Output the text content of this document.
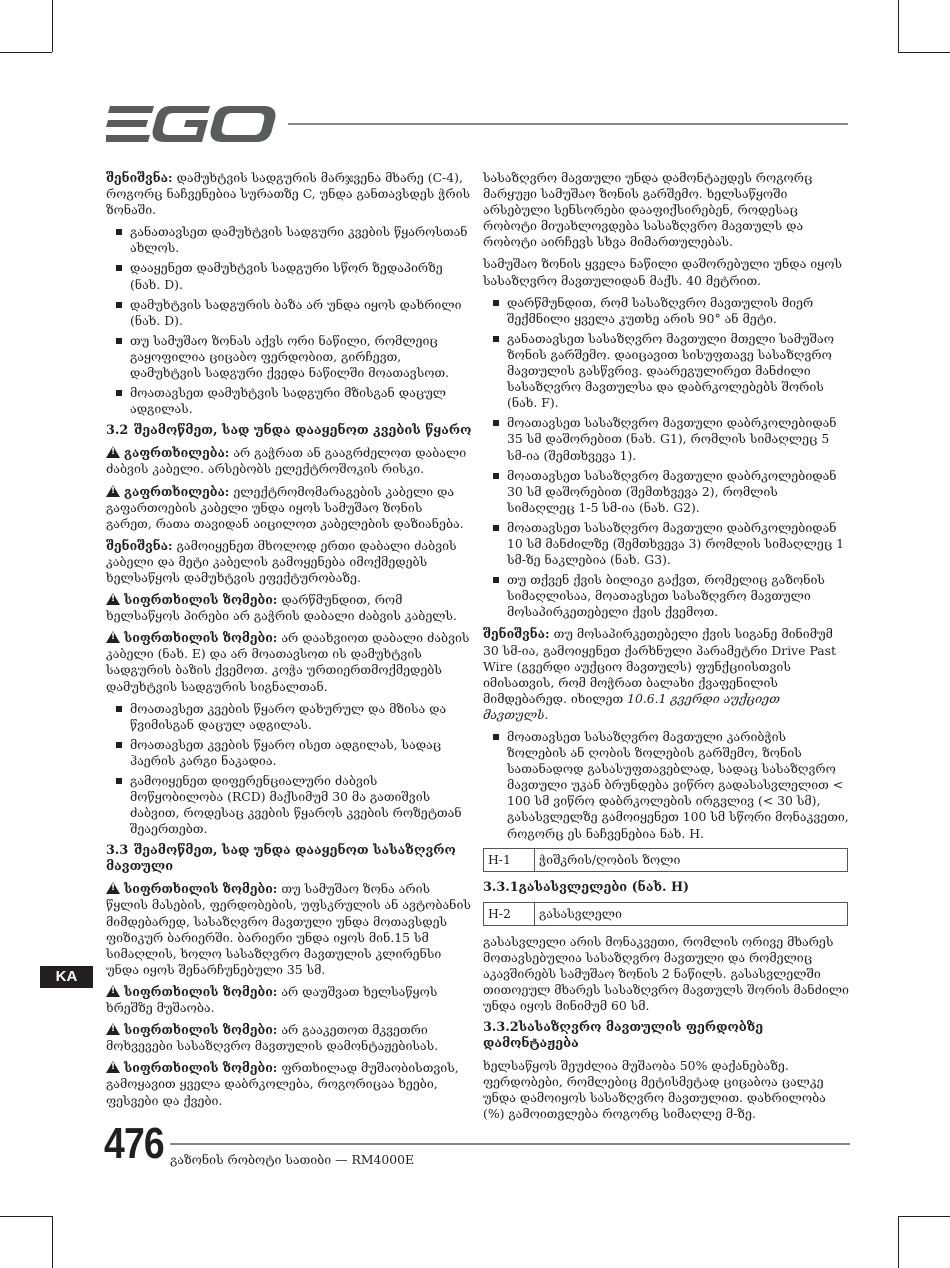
შენიშვნა: დამუხტვის სადგურის მარჯვენა მხარე (C-4), როგორც ნაჩვენებია სურათზე C, უნდა განთავსდეს ჭრის ზონაში.

განათავსეთ დამუხტვის სადგური კვების წყაროსთან ახლოს.
დააყენეთ დამუხტვის სადგური სწორ ზედაპირზე (ნახ. D).
დამუხტვის სადგურის ბაზა არ უნდა იყოს დახრილი (ნახ. D).
თუ სამუშაო ზონას აქვს ორი ნაწილი, რომლეიც გაყოფილია ციცაბო ფერდობით, გირჩევთ, დამუხტვის სადგური ქვედა ნაწილში მოათავსოთ.
მოათავსეთ დამუხტვის სადგური მზისგან დაცულ ადგილას.
3.2 შეამოწმეთ, სად უნდა დააყენოთ კვების წყარო

!გაფრთხილება: არ გაჭრათ ან გააგრძელოთ დაბალი ძაბვის კაბელი. არსებობს ელექტროშოკის რისკი.

!გაფრთხილება: ელექტრომომარაგების კაბელი და გაფართოების კაბელი უნდა იყოს სამუშაო ზონის გარეთ, რათა თავიდან აიცილოთ კაბელების დაზიანება.

შენიშვნა: გამოიყენეთ მხოლოდ ერთი დაბალი ძაბვის კაბელი და მეტი კაბელის გამოყენება იმოქმედებს ხელსაწყოს დამუხტვის ეფექტურობაზე.

!სიფრთხილის ზომები: დარწმუნდით, რომ ხელსაწყოს პირები არ გაჭრის დაბალი ძაბვის კაბელს.

!სიფრთხილის ზომები: არ დაახვიოთ დაბალი ძაბვის კაბელი (ნახ. E) და არ მოათავსოთ ის დამუხტვის სადგურის ბაზის ქვემოთ. კოჭა ურთიერთმოქმედებს დამუხტვის სადგურის სიგნალთან.

მოათავსეთ კვების წყარო დახურულ და მზისა და წვიმისგან დაცულ ადგილას.
მოათავსეთ კვების წყარო ისეთ ადგილას, სადაც ჰაერის კარგი ნაკადია.
გამოიყენეთ დიფერენციალური ძაბვის მოწყობილობა (RCD) მაქსიმუმ 30 მა გათიშვის ძაბვით, როდესაც კვების წყაროს კვების როზეტთან შეაერთებთ.
3.3 შეამოწმეთ, სად უნდა დააყენოთ სასაზღვრო მავთული

!სიფრთხილის ზომები: თუ სამუშაო ზონა არის წყლის მასების, ფერდობების, უფსკრულის ან ავტობანის მიმდებარედ, სასაზღვრო მავთული უნდა მოთავსდეს ფიზიკურ ბარიერში. ბარიერი უნდა იყოს მინ.15 სმ სიმაღლის, ხოლო სასაზღვრო მავთულის კლირენსი უნდა იყოს შენარჩუნებული 35 სმ.

!სიფრთხილის ზომები: არ დაუშვათ ხელსაწყოს ხრეშზე მუშაობა.

!სიფრთხილის ზომები: არ გააკეთოთ მკვეთრი მოხვევები სასაზღვრო მავთულის დამონტაჟებისას.

!სიფრთხილის ზომები: ფრთხილად მუშაობისთვის, გამოყავით ყველა დაბრკოლება, როგორიცაა ხეები, ფესვები და ქვები.

სასაზღვრო მავთული უნდა დამონტაჟდეს როგორც მარყუჟი სამუშაო ზონის გარშემო. ხელსაწყოში არსებული სენსორები დააფიქსირებენ, როდესაც რობოტი მიუახლოვდება სასაზღვრო მავთულს და რობოტი აირჩევს სხვა მიმართულებას.

სამუშაო ზონის ყველა ნაწილი დაშორებული უნდა იყოს სასაზღვრო მავთულიდან მაქს. 40 მეტრით.

დარწმუნდით, რომ სასაზღვრო მავთულის მიერ შექმნილი ყველა კუთხე არის 90° ან მეტი.
განათავსეთ სასაზღვრო მავთული მთელი სამუშაო ზონის გარშემო. დაიცავით სისუფთავე სასაზღვრო მავთულის გასწვრივ. დაარეგულირეთ მანძილი სასაზღვრო მავთულსა და დაბრკოლებებს შორის (ნახ. F).
მოათავსეთ სასაზღვრო მავთული დაბრკოლებიდან 35 სმ დაშორებით (ნახ. G1), რომლის სიმაღლეც 5 სმ-ია (შემთხვევა 1).
მოათავსეთ სასაზღვრო მავთული დაბრკოლებიდან 30 სმ დაშორებით (შემთხვევა 2), რომლის სიმაღლეც 1-5 სმ-ია (ნახ. G2).
მოათავსეთ სასაზღვრო მავთული დაბრკოლებიდან 10 სმ მანძილზე (შემთხვევა 3) რომლის სიმაღლეც 1 სმ-ზე ნაკლებია (ნახ. G3).
თუ თქვენ ქვის ბილიკი გაქვთ, რომელიც გაზონის სიმაღლისაა, მოათავსეთ სასაზღვრო მავთული მოსაპირკეთებელი ქვის ქვემოთ.

შენიშვნა: თუ მოსაპირკეთებელი ქვის სიგანე მინიმუმ 30 სმ-ია, გამოიყენეთ ქარხნული პარამეტრი Drive Past Wire (გვერდი აუქციო მავთულს) ფუნქციისთვის იმისათვის, რომ მოჭრათ ბალახი ქვაფენილის მიმდებარედ. იხილეთ 10.6.1 გვერდი აუქციეთ მავთულს.

მოათავსეთ სასაზღვრო მავთული კარიბჭის ზოლების ან ღობის ზოლების გარშემო, ზონის სათანადოდ გასასუფთავებლად, სადაც სასაზღვრო მავთული უკან ბრუნდება ვიწრო გადასასვლელით < 100 სმ ვიწრო დაბრკოლების ირგვლივ (< 30 სმ), გასასვლელზე გამოიყენეთ 100 სმ სწორი მონაკვეთი, როგორც ეს ნაჩვენებია ნახ. H.
H-1	ჭიშკრის/ღობის ზოლი
3.3.1გასასვლელები (ნახ. H)
H-2	გასასვლელი

გასასვლელი არის მონაკვეთი, რომლის ორივე მხარეს მოთავსებულია სასაზღვრო მავთული და რომელიც აკავშირებს სამუშაო ზონის 2 ნაწილს. გასასვლელში თითოეულ მხარეს სასაზღვრო მავთულს შორის მანძილი უნდა იყოს მინიმუმ 60 სმ.

3.3.2სასაზღვრო მავთულის ფერდობზე დამონტაჟება

ხელსაწყოს შეუძლია მუშაობა 50% დაქანებაზე. ფერდობები, რომლებიც მეტისმეტად ციცაბოა ცალკე უნდა დამოიყოს სასაზღვრო მავთულით. დახრილობა (%) გამოითვლება როგორც სიმაღლე მ-ზე.

KA
476 გაზონის რობოტი სათიბი — RM4000E
